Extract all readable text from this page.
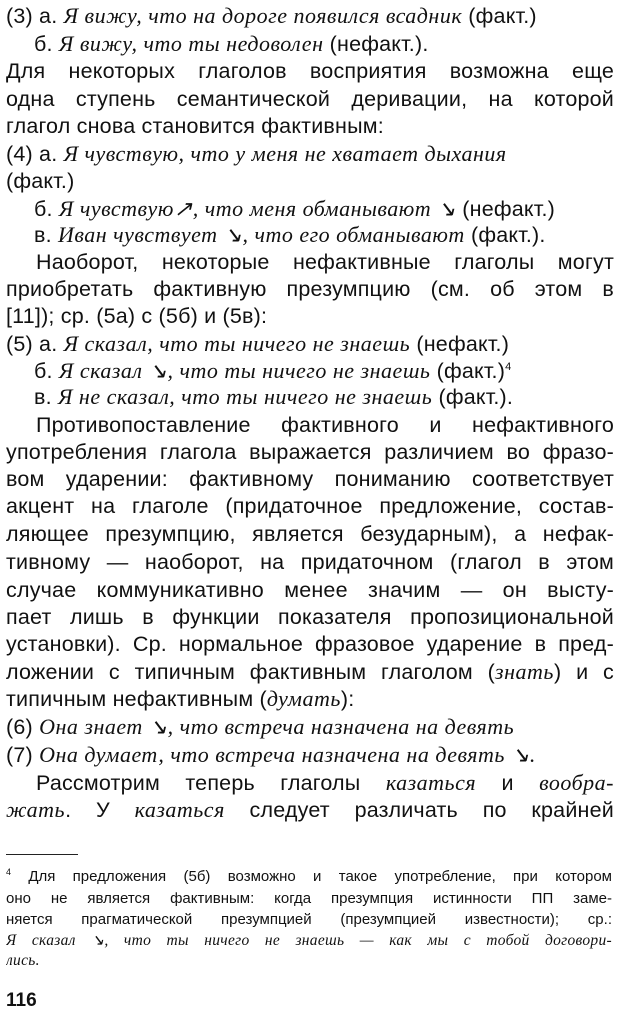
(3) а. Я вижу, что на дороге появился всадник (факт.)
б. Я вижу, что ты недоволен (нефакт.).
Для некоторых глаголов восприятия возможна еще
одна ступень семантической деривации, на которой
глагол снова становится фактивным:
(4) а. Я чувствую, что у меня не хватает дыхания
(факт.)
б. Я чувствую↗, что меня обманывают ↘ (нефакт.)
в. Иван чувствует ↘, что его обманывают (факт.).
Наоборот, некоторые нефактивные глаголы могут
приобретать фактивную презумпцию (см. об этом в
[11]); ср. (5а) с (5б) и (5в):
(5) а. Я сказал, что ты ничего не знаешь (нефакт.)
б. Я сказал ↘, что ты ничего не знаешь (факт.)$^4$
в. Я не сказал, что ты ничего не знаешь (факт.).
Противопоставление фактивного и нефактивного
употребления глагола выражается различием во фразо-
вом ударении: фактивному пониманию соответствует
акцент на глаголе (придаточное предложение, состав-
ляющее презумпцию, является безударным), а нефак-
тивному — наоборот, на придаточном (глагол в этом
случае коммуникативно менее значим — он высту-
пает лишь в функции показателя пропозициональной
установки). Ср. нормальное фразовое ударение в пред-
ложении с типичным фактивным глаголом (знать) и с
типичным нефактивным (думать):
(6) Она знает ↘, что встреча назначена на девять
(7) Она думает, что встреча назначена на девять ↘.
Рассмотрим теперь глаголы казаться и вообра-
жать. У казаться следует различать по крайней
$^4$ Для предложения (5б) возможно и такое употребление, при котором
оно не является фактивным: когда презумпция истинности ПП заме-
няется прагматической презумпцией (презумпцией известности); ср.:
Я сказал ↘, что ты ничего не знаешь — как мы с тобой договори-
лись.
116
